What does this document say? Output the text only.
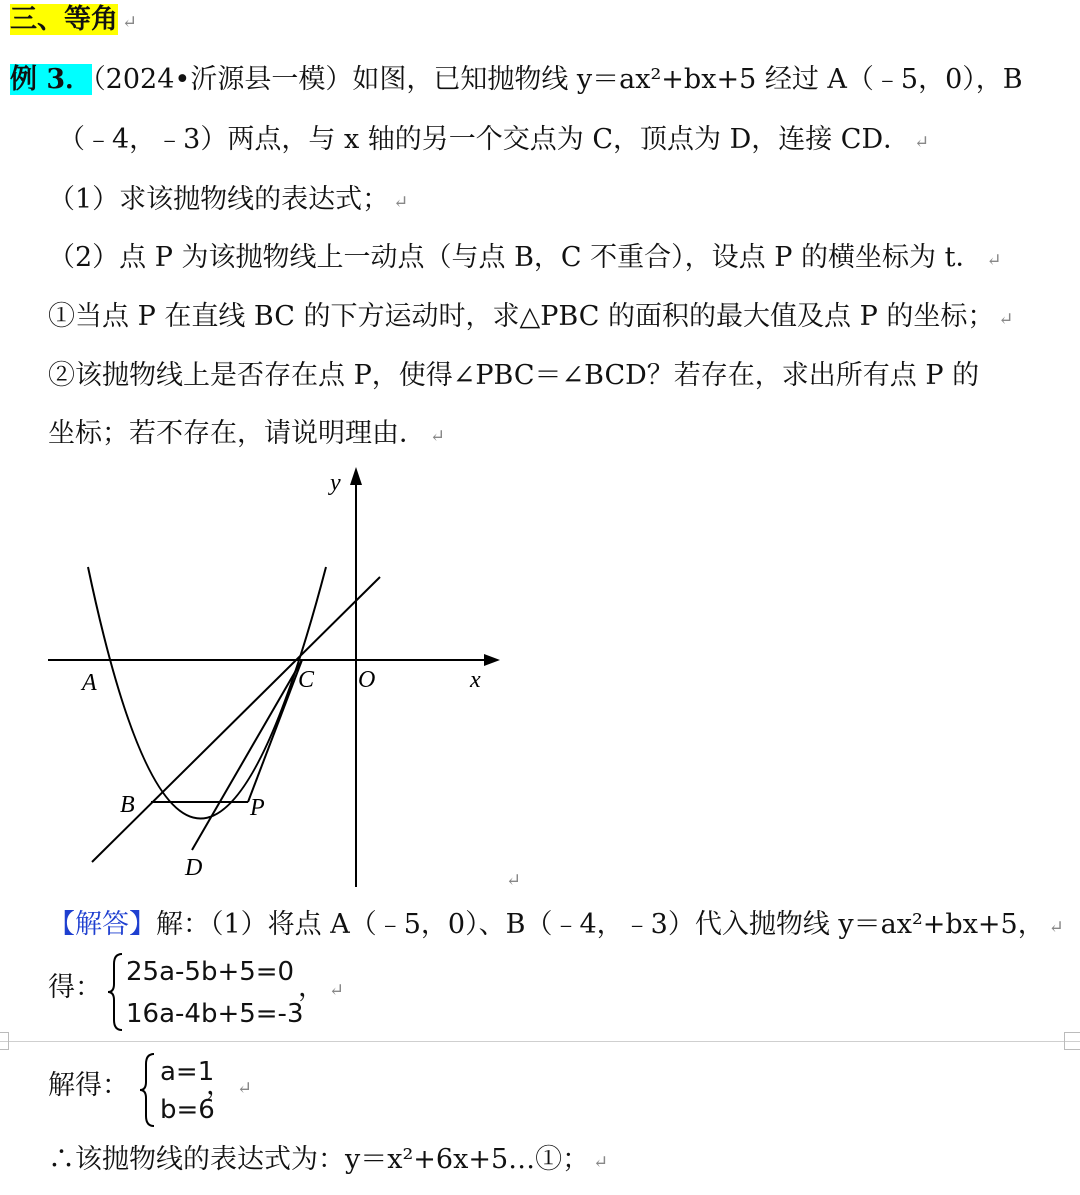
三、等角 ↵
例 3．（2024•沂源县一模）如图，已知抛物线 y＝ax²+bx+5 经过 A（﹣5，0），B
（﹣4，﹣3）两点，与 x 轴的另一个交点为 C，顶点为 D，连接 CD． ↵
（1）求该抛物线的表达式； ↵
（2）点 P 为该抛物线上一动点（与点 B，C 不重合），设点 P 的横坐标为 t． ↵
①当点 P 在直线 BC 的下方运动时，求△PBC 的面积的最大值及点 P 的坐标； ↵
②该抛物线上是否存在点 P，使得∠PBC＝∠BCD？若存在，求出所有点 P 的
坐标；若不存在，请说明理由． ↵
y
A	C O	x
B	P
D	↵
【解答】解：（1）将点 A（﹣5，0）、B（﹣4，﹣3）代入抛物线 y＝ax²+bx+5， ↵
得： 25a-5b+5=0
16a-4b+5=-3
， ↵
解得： a=1
b=6
， ↵
∴该抛物线的表达式为：y＝x²+6x+5…①； ↵
